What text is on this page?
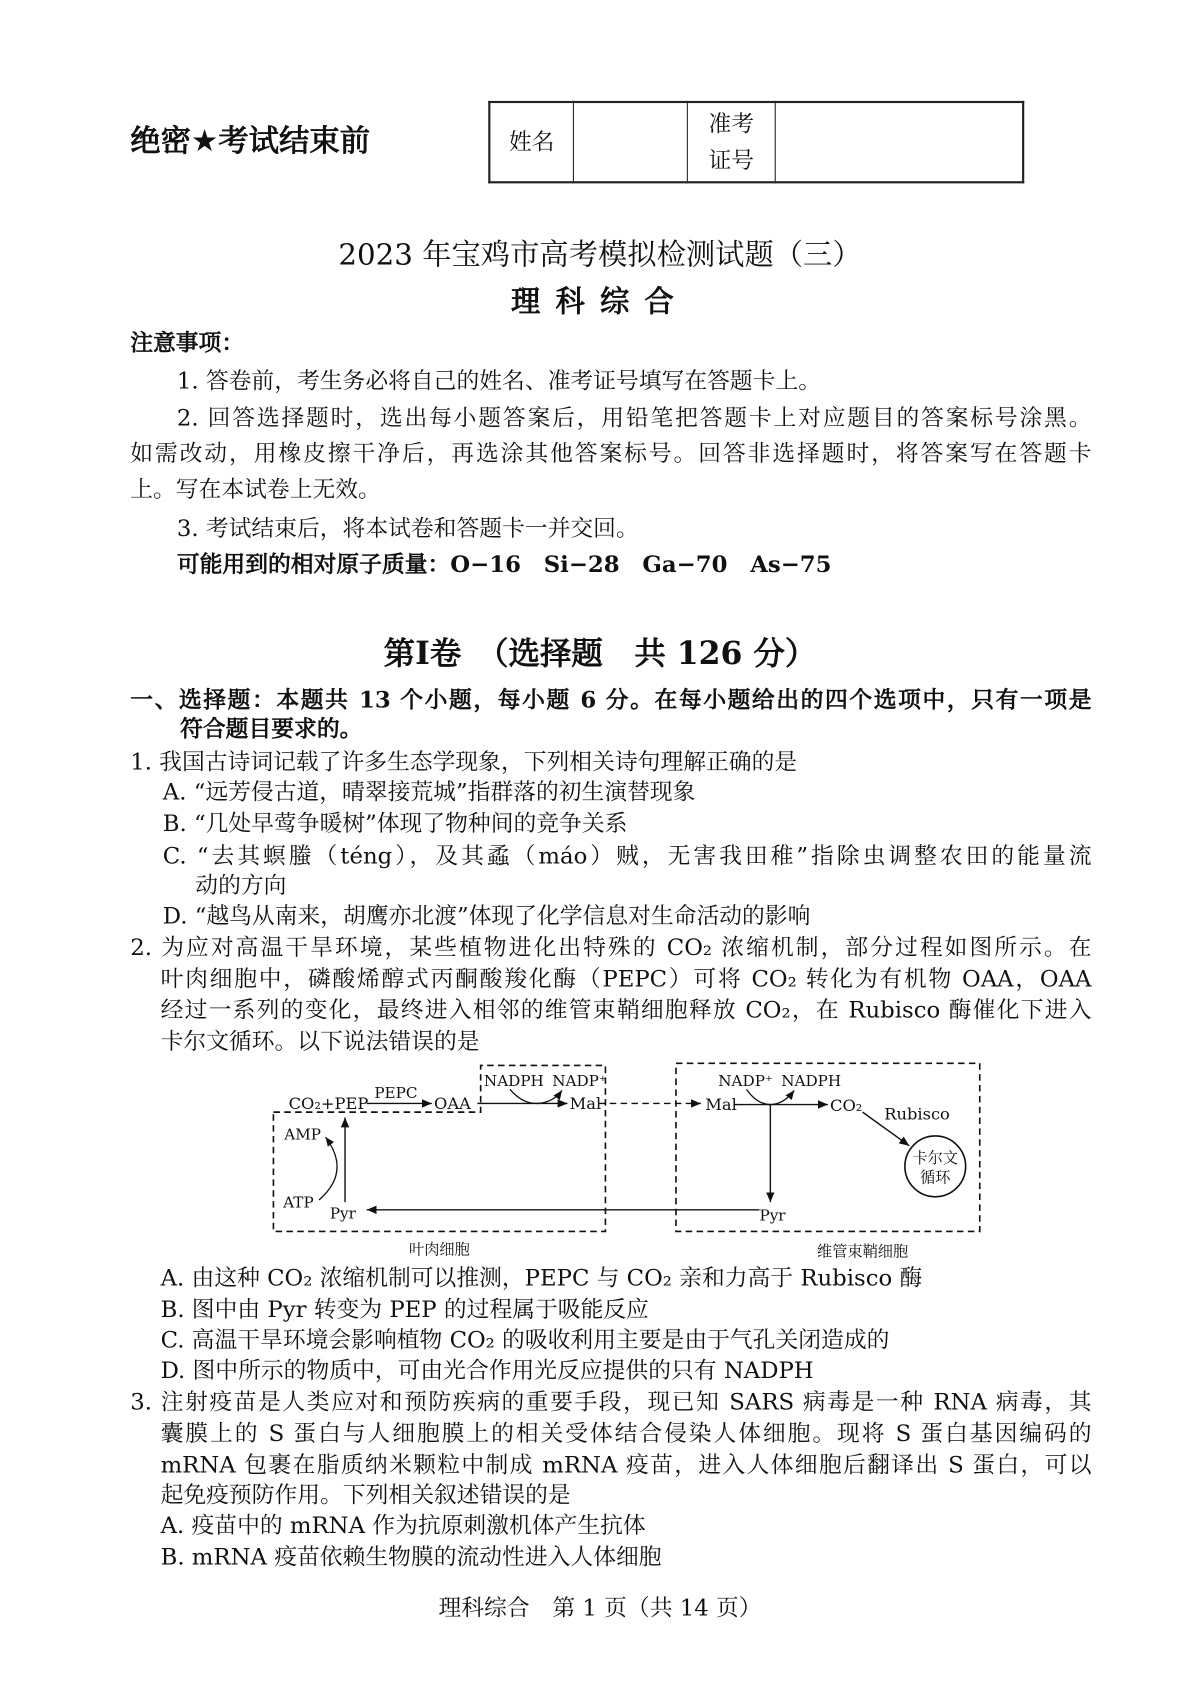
绝密★考试结束前	姓名		准考
证号	
2023 年宝鸡市高考模拟检测试题（三）
理科综合
注意事项：
1. 答卷前，考生务必将自己的姓名、准考证号填写在答题卡上。
2. 回答选择题时，选出每小题答案后，用铅笔把答题卡上对应题目的答案标号涂黑。
如需改动，用橡皮擦干净后，再选涂其他答案标号。回答非选择题时，将答案写在答题卡
上。写在本试卷上无效。
3. 考试结束后，将本试卷和答题卡一并交回。
可能用到的相对原子质量：O−16　Si−28　Ga−70　As−75
第Ⅰ卷　（选择题　共 126 分）
一、选择题：本题共 13 个小题，每小题 6 分。在每小题给出的四个选项中，只有一项是
符合题目要求的。
1. 我国古诗词记载了许多生态学现象，下列相关诗句理解正确的是
A. “远芳侵古道，晴翠接荒城”指群落的初生演替现象
B. “几处早莺争暖树”体现了物种间的竞争关系
C. “去其螟螣（téng），及其蟊（máo）贼，无害我田稚”指除虫调整农田的能量流
动的方向
D. “越鸟从南来，胡鹰亦北渡”体现了化学信息对生命活动的影响
2. 为应对高温干旱环境，某些植物进化出特殊的 CO₂ 浓缩机制，部分过程如图所示。在
叶肉细胞中，磷酸烯醇式丙酮酸羧化酶（PEPC）可将 CO₂ 转化为有机物 OAA，OAA
经过一系列的变化，最终进入相邻的维管束鞘细胞释放 CO₂，在 Rubisco 酶催化下进入
卡尔文循环。以下说法错误的是
CO₂+PEP
PEPC
OAA
NADPH NADP⁺
Mal	Mal
NADP⁺ NADPH
CO₂ Rubisco
卡尔文
循环
Pyr
Pyr
AMP
ATP
叶肉细胞	维管束鞘细胞
A. 由这种 CO₂ 浓缩机制可以推测，PEPC 与 CO₂ 亲和力高于 Rubisco 酶
B. 图中由 Pyr 转变为 PEP 的过程属于吸能反应
C. 高温干旱环境会影响植物 CO₂ 的吸收利用主要是由于气孔关闭造成的
D. 图中所示的物质中，可由光合作用光反应提供的只有 NADPH
3. 注射疫苗是人类应对和预防疾病的重要手段，现已知 SARS 病毒是一种 RNA 病毒，其
囊膜上的 S 蛋白与人细胞膜上的相关受体结合侵染人体细胞。现将 S 蛋白基因编码的
mRNA 包裹在脂质纳米颗粒中制成 mRNA 疫苗，进入人体细胞后翻译出 S 蛋白，可以
起免疫预防作用。下列相关叙述错误的是
A. 疫苗中的 mRNA 作为抗原刺激机体产生抗体
B. mRNA 疫苗依赖生物膜的流动性进入人体细胞
理科综合　第 1 页（共 14 页）
